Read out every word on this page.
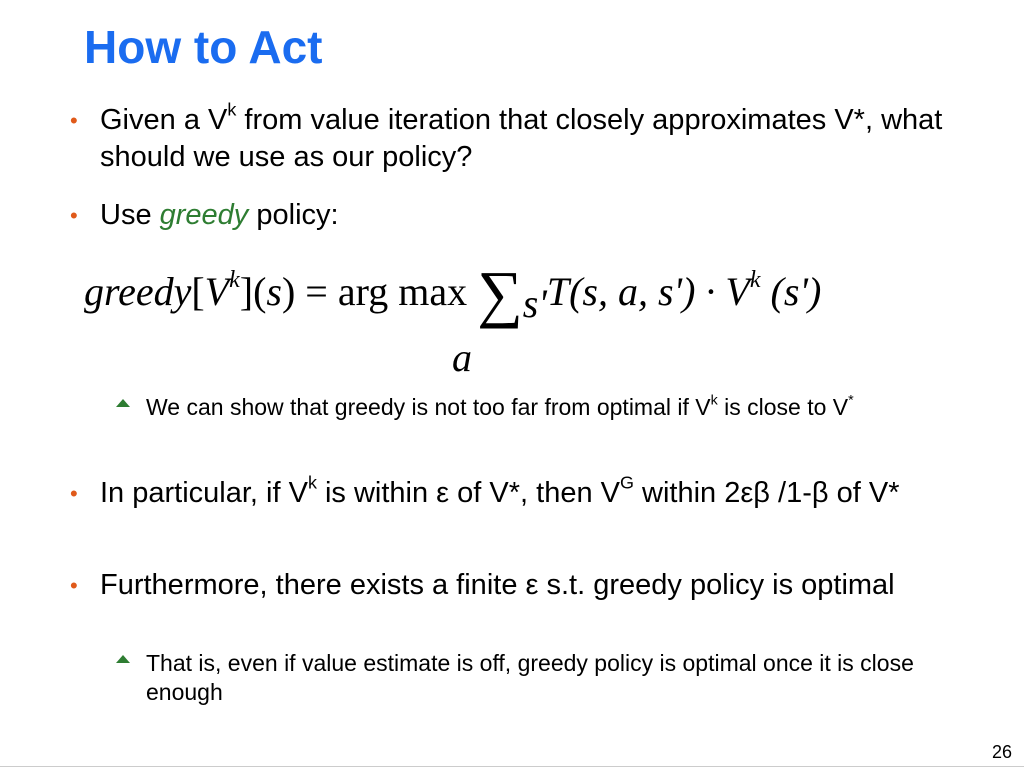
How to Act
• Given a $V^k$ from value iteration that closely approximates V*, what should we use as our policy?
• Use greedy policy:
$greedy[V^k](s)$ = arg max ∑s'T(s, a, $s') \cdot V^k$ (s')
a
We can show that greedy is not too far from optimal if $V^k$ is close to V*
• In particular, if $V^k$ is within ε of V*, then $V^G$ within 2εβ /1-β of V*
• Furthermore, there exists a finite ε s.t. greedy policy is optimal
That is, even if value estimate is off, greedy policy is optimal once it is close enough
26
